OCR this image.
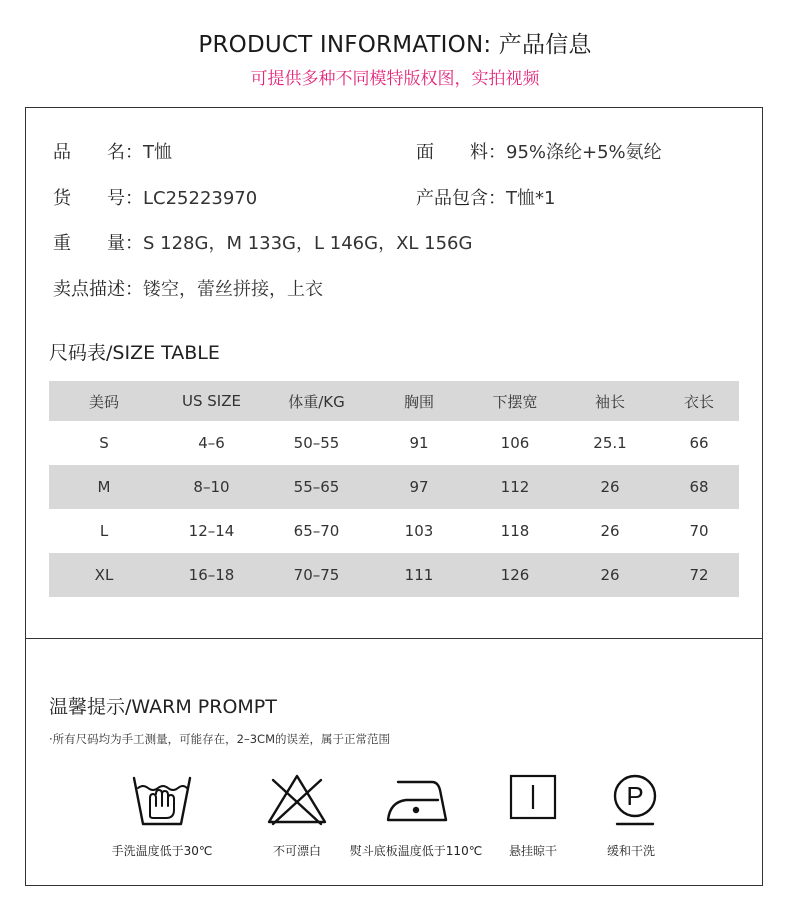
PRODUCT INFORMATION: 产品信息
可提供多种不同模特版权图，实拍视频
品　　名：T恤	面　　料：95%涤纶+5%氨纶
货　　号：LC25223970	产品包含：T恤*1
重　　量：S 128G，M 133G，L 146G，XL 156G
卖点描述：镂空，蕾丝拼接，上衣
尺码表/SIZE TABLE
美码	US SIZE	体重/KG	胸围	下摆宽	袖长	衣长
S	4–6	50–55	91	106	25.1	66
M	8–10	55–65	97	112	26	68
L	12–14	65–70	103	118	26	70
XL	16–18	70–75	111	126	26	72
温馨提示/WARM PROMPT
·所有尺码均为手工测量，可能存在，2–3CM的误差，属于正常范围
P
手洗温度低于30℃	不可漂白	熨斗底板温度低于110℃	悬挂晾干	缓和干洗
